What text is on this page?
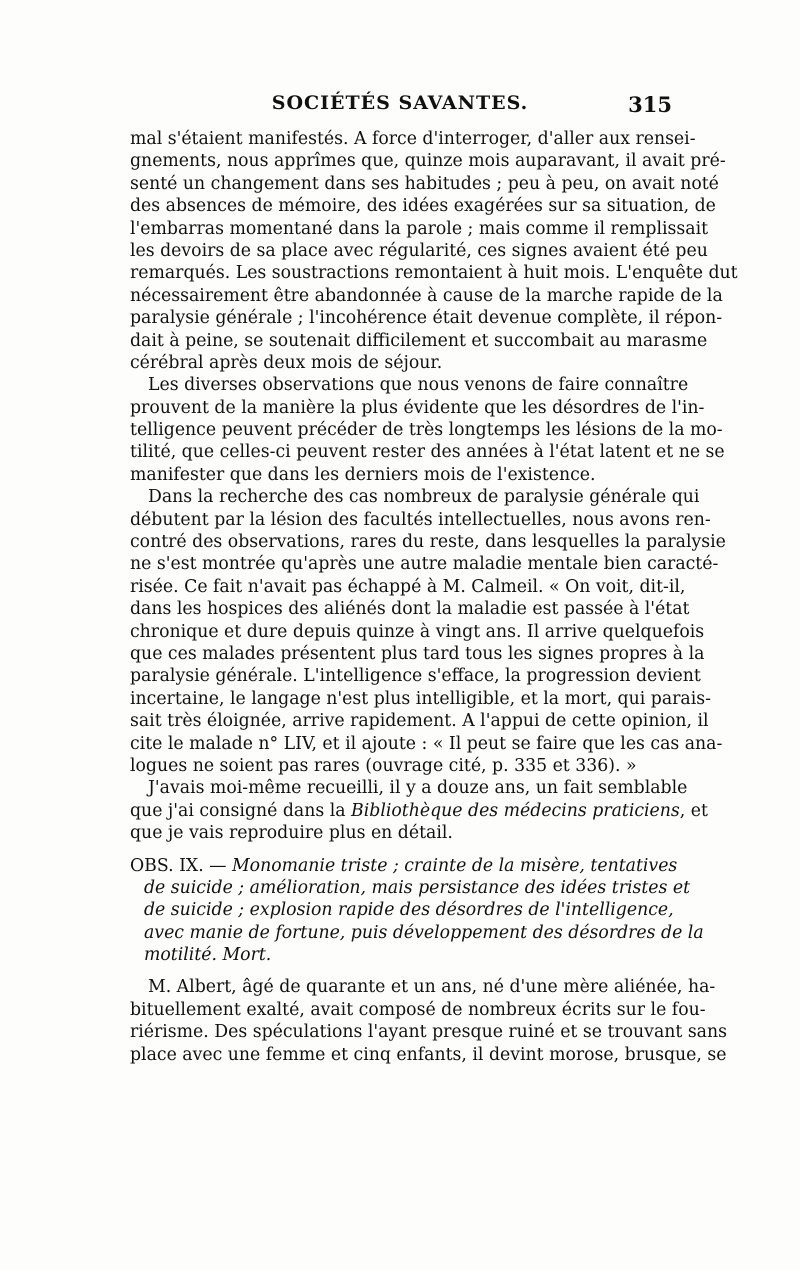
SOCIÉTÉS SAVANTES.	315
mal s'étaient manifestés. A force d'interroger, d'aller aux rensei-
gnements, nous apprîmes que, quinze mois auparavant, il avait pré-
senté un changement dans ses habitudes ; peu à peu, on avait noté
des absences de mémoire, des idées exagérées sur sa situation, de
l'embarras momentané dans la parole ; mais comme il remplissait
les devoirs de sa place avec régularité, ces signes avaient été peu
remarqués. Les soustractions remontaient à huit mois. L'enquête dut
nécessairement être abandonnée à cause de la marche rapide de la
paralysie générale ; l'incohérence était devenue complète, il répon-
dait à peine, se soutenait difficilement et succombait au marasme
cérébral après deux mois de séjour.
Les diverses observations que nous venons de faire connaître
prouvent de la manière la plus évidente que les désordres de l'in-
telligence peuvent précéder de très longtemps les lésions de la mo-
tilité, que celles-ci peuvent rester des années à l'état latent et ne se
manifester que dans les derniers mois de l'existence.
Dans la recherche des cas nombreux de paralysie générale qui
débutent par la lésion des facultés intellectuelles, nous avons ren-
contré des observations, rares du reste, dans lesquelles la paralysie
ne s'est montrée qu'après une autre maladie mentale bien caracté-
risée. Ce fait n'avait pas échappé à M. Calmeil. « On voit, dit-il,
dans les hospices des aliénés dont la maladie est passée à l'état
chronique et dure depuis quinze à vingt ans. Il arrive quelquefois
que ces malades présentent plus tard tous les signes propres à la
paralysie générale. L'intelligence s'efface, la progression devient
incertaine, le langage n'est plus intelligible, et la mort, qui parais-
sait très éloignée, arrive rapidement. A l'appui de cette opinion, il
cite le malade n° LIV, et il ajoute : « Il peut se faire que les cas ana-
logues ne soient pas rares (ouvrage cité, p. 335 et 336). »
J'avais moi-même recueilli, il y a douze ans, un fait semblable
que j'ai consigné dans la Bibliothèque des médecins praticiens, et
que je vais reproduire plus en détail.
OBS. IX. — Monomanie triste ; crainte de la misère, tentatives
de suicide ; amélioration, mais persistance des idées tristes et
de suicide ; explosion rapide des désordres de l'intelligence,
avec manie de fortune, puis développement des désordres de la
motilité. Mort.
M. Albert, âgé de quarante et un ans, né d'une mère aliénée, ha-
bituellement exalté, avait composé de nombreux écrits sur le fou-
riérisme. Des spéculations l'ayant presque ruiné et se trouvant sans
place avec une femme et cinq enfants, il devint morose, brusque, se
